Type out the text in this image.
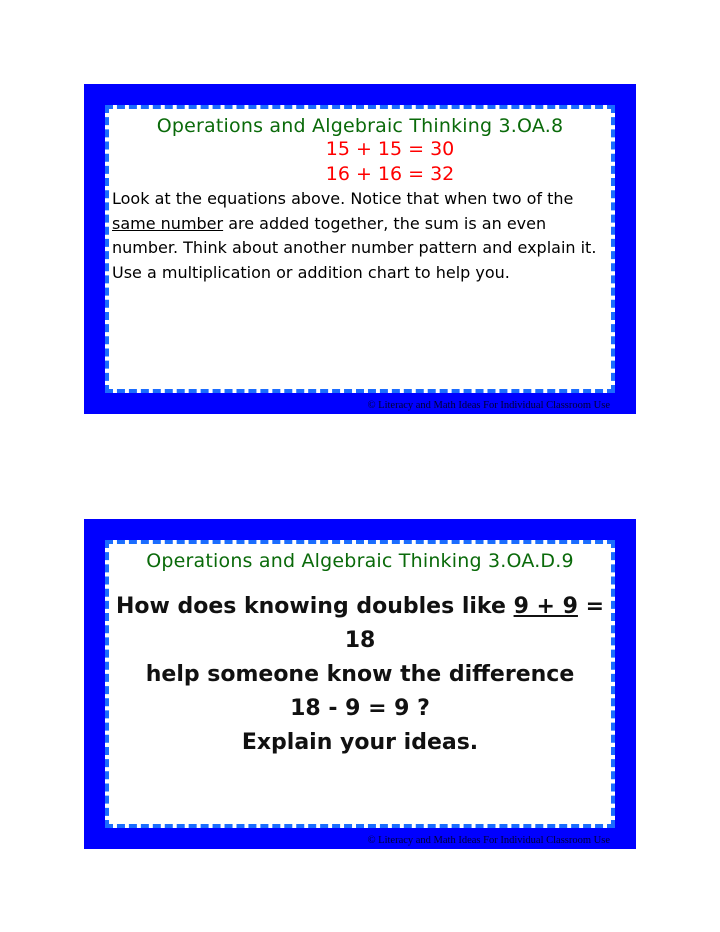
Operations and Algebraic Thinking 3.OA.8
15 + 15 = 30
16 + 16 = 32
Look at the equations above. Notice that when two of the same number are added together, the sum is an even number. Think about another number pattern and explain it. Use a multiplication or addition chart to help you.
© Literacy and Math Ideas For Individual Classroom Use
Operations and Algebraic Thinking 3.OA.D.9
How does knowing doubles like 9 + 9 = 18
help someone know the difference
18 - 9 = 9 ?
Explain your ideas.
© Literacy and Math Ideas For Individual Classroom Use
